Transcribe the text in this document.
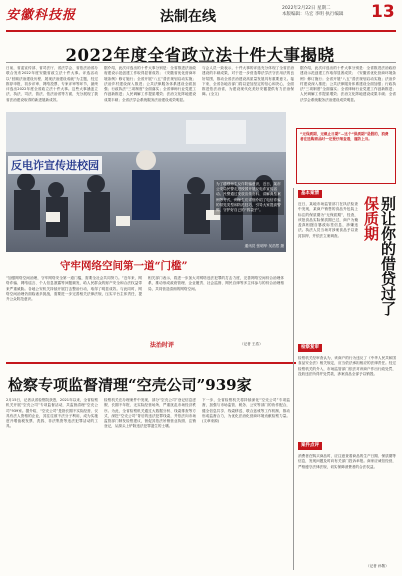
安徽科技报	法制在线
2022年2月22日 星期二
本版编辑：马宏 李明 执行编辑	13
2022年度全省政立法十件大事揭晓
日前，省委宣传部、省司法厅、省法学会、省依法治省办联合发布2022年度安徽省政立法十件大事。评选活动以“回顾法治建设历程、展现法治建设成就”为主题，经过推荐申报、初步评审、网络投票、专家评审等环节，最终评选出2022年度全省政立法十件大事。这些大事涵盖立法、执法、司法、普法、依法治省等方面，充分展现了我省法治建设取得的新进展新成效。
据介绍，此次评选出的十件大事分别是：全省推进法治政府建设示范创建工作取得显著成效；《安徽省优化营商环境条例》修订施行；全省开展“八五”普法规划启动实施；法治乡村建设深入推进；公共法律服务体系建设全面加强；行政执法“三项制度”全面落实；全省律师行业党建工作创新推进；人民调解工作提质增效；法治文化阵地建设成果丰硕；全省法学会系统服务法治建设成效明显。
与会人员一致表示，十件大事的评选充分体现了全省法治建设的丰硕成果，对于进一步营造尊法学法守法用法的良好氛围，推动全省法治建设高质量发展具有重要意义。接下来，全省各地各部门将以更加坚定的信心和决心，全面推进依法治省，为建设现代化美好安徽提供有力法治保障。(全文)
据介绍，此次评选出的十件大事分别是：全省推进法治政府建设示范创建工作取得显著成效；《安徽省优化营商环境条例》修订施行；全省开展“八五”普法规划启动实施；法治乡村建设深入推进；公共法律服务体系建设全面加强；行政执法“三项制度”全面落实；全省律师行业党建工作创新推进；人民调解工作提质增效；法治文化阵地建设成果丰硕；全省法学会系统服务法治建设成效明显。
“无保质期，无截止日期”…这个“保质期”是假的，消费者在选购商品时一定要仔细查看，谨防上当。
反电诈宣传进校园
为了增强师生反诈防骗意识，近日，某市公安局民警走进校园开展反电诈宣传活动。民警通过发放宣传资料、讲解典型案例等方式，向师生们详细介绍了电信诈骗的常见类型和防范技巧，引导大家提高警惕，守护好自己的“钱袋子”。
通讯员 张明华 吴浩然 摄
守牢网络空间第一道“门槛”
“加强网络空间治理，守牢网络安全第一道门槛，需要全社会共同努力。”近年来，网络诈骗、网络谣言、个人信息泄露等问题频发，给人民群众的财产安全和合法权益带来严重威胁。各地公安机关持续开展打击整治行动，取得了明显成效。与此同时，网络空间治理仍面临诸多挑战，需要进一步完善相关法律法规，压实平台主体责任，提升公众防范意识。
相关部门表示，将进一步加大对网络违法犯罪的打击力度，完善网络空间综合治理体系，推动形成政府管理、企业履责、社会监督、网民自律等多主体参与的综合治理格局，共同营造清朗的网络空间。
法治时评	（记者 王浩）
检察专项监督清理“空壳公司”939家
2月15日，记者从省检察院获悉，2021年以来，全省检察机关开展“空壳公司”专项监督活动，共监督清理“空壳公司”939家。据介绍，“空壳公司”是指长期不实际经营、仅具有法人资格的企业，其往往被不法分子利用，成为实施虚开增值税发票、洗钱、非法集资等违法犯罪活动的工具。
检察机关在办理案件中发现，部分“空壳公司”登记信息虚假、长期不年报、无实际经营场所，严重扰乱市场经济秩序。为此，全省检察机关通过大数据分析、线索排查等方式，深挖“空壳公司”背后的违法犯罪线索，并依法向市场监管部门制发检察建议，督促其依法吊销营业执照、注销登记，从源头上铲除违法犯罪滋生的土壤。
下一步，全省检察机关将持续深化“空壳公司”专项监督，加强与市场监管、税务、公安等部门的协作配合，健全信息共享、线索移送、联合惩戒等工作机制，推动形成监督合力，为优化法治化营商环境贡献检察力量。(文章来源)
基本案情
近日，某地市场监管部门在执法检查中发现，某商户销售的食品外包装上标注的保质期为“无保质期”，经查，该批食品实际保质期已过，商户为掩盖真相擅自篡改标签信息，涉嫌违法。执法人员当场对涉案食品予以查封扣押，并依法立案调查。	别让你的借贷过了保质期
检察复审
检察机关经审查认为，该商户的行为违反了《中华人民共和国食品安全法》相关规定，应当依法承担相应的法律责任。经过检察机关的介入，市场监管部门依法对该商户作出行政处罚，没收违法所得并处罚款，涉案食品全部予以销毁。
案件点评
消费者在购买商品时，应注意查看商品的生产日期、保质期等信息，发现问题及时向有关部门投诉举报。商家应诚信经营，严格遵守法律法规，切实保障消费者的合法权益。
（记者 孙敬）
